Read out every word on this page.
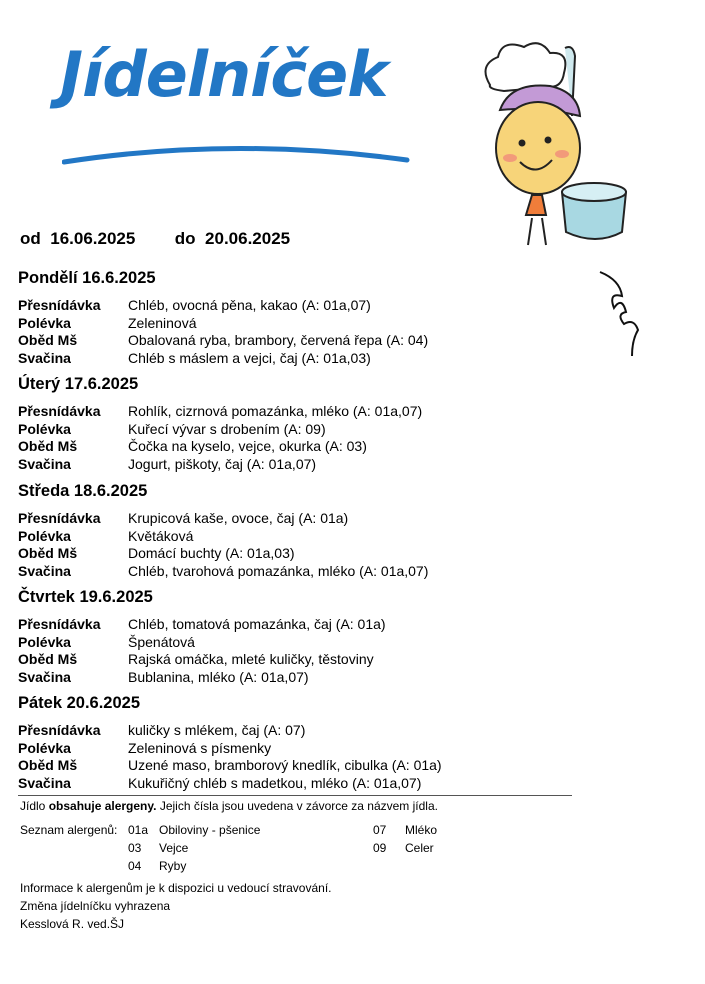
Jídelníček
od 16.06.2025 do 20.06.2025
Pondělí 16.6.2025
Přesnídávka	Chléb, ovocná pěna, kakao (A: 01a,07)
Polévka	Zeleninová
Oběd Mš	Obalovaná ryba, brambory, červená řepa (A: 04)
Svačina	Chléb s máslem a vejci, čaj (A: 01a,03)
Úterý 17.6.2025
Přesnídávka	Rohlík, cizrnová pomazánka, mléko (A: 01a,07)
Polévka	Kuřecí vývar s drobením (A: 09)
Oběd Mš	Čočka na kyselo, vejce, okurka (A: 03)
Svačina	Jogurt, piškoty, čaj (A: 01a,07)
Středa 18.6.2025
Přesnídávka	Krupicová kaše, ovoce, čaj (A: 01a)
Polévka	Květáková
Oběd Mš	Domácí buchty (A: 01a,03)
Svačina	Chléb, tvarohová pomazánka, mléko (A: 01a,07)
Čtvrtek 19.6.2025
Přesnídávka	Chléb, tomatová pomazánka, čaj (A: 01a)
Polévka	Špenátová
Oběd Mš	Rajská omáčka, mleté kuličky, těstoviny
Svačina	Bublanina, mléko (A: 01a,07)
Pátek 20.6.2025
Přesnídávka	kuličky s mlékem, čaj (A: 07)
Polévka	Zeleninová s písmenky
Oběd Mš	Uzené maso, bramborový knedlík, cibulka (A: 01a)
Svačina	Kukuřičný chléb s madetkou, mléko (A: 01a,07)
Jídlo obsahuje alergeny. Jejich čísla jsou uvedena v závorce za názvem jídla.
Seznam alergenů: 01a Obiloviny - pšenice
03 Vejce
04 Ryby
07 Mléko
09 Celer
Informace k alergenům je k dispozici u vedoucí stravování.
Změna jídelníčku vyhrazena
Kesslová R. ved.ŠJ
